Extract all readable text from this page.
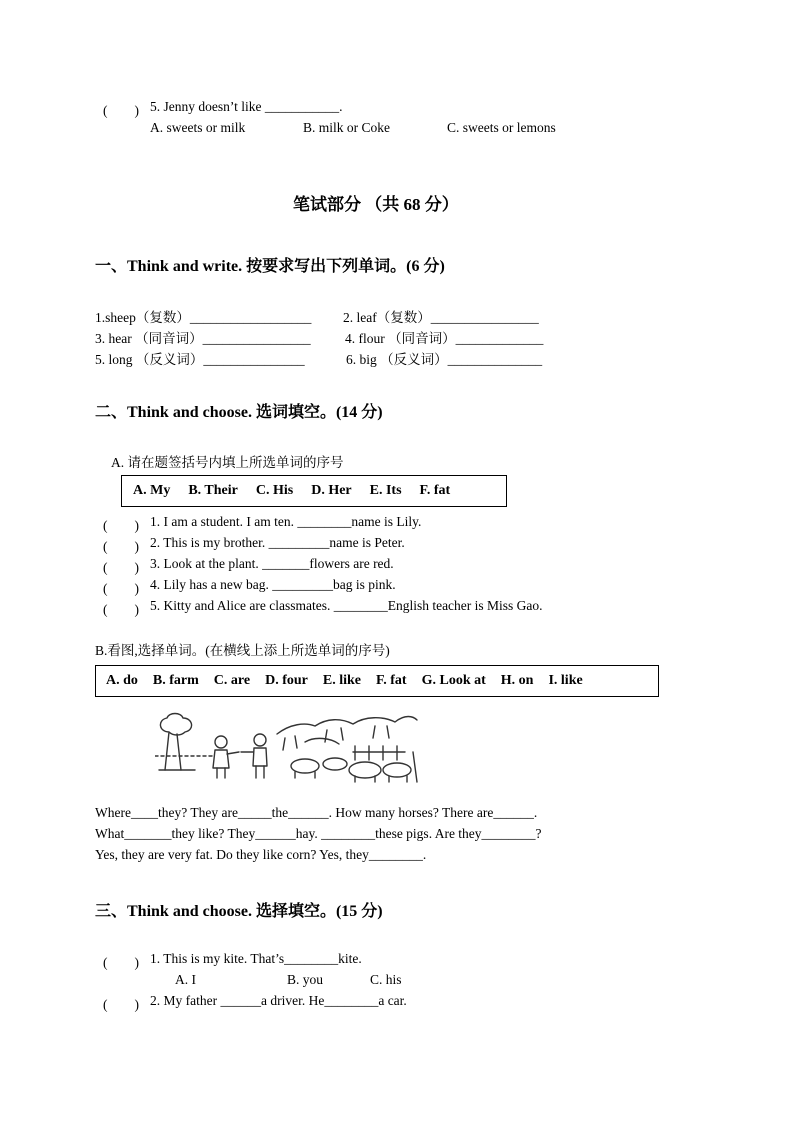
(　　) 5. Jenny doesn’t like ___________.
A. sweets or milk	B. milk or Coke	C. sweets or lemons
笔试部分 （共 68 分）
一、Think and write. 按要求写出下列单词。(6 分)
1.sheep（复数）__________________ 2. leaf（复数）________________
3. hear （同音词）________________	4. flour （同音词）_____________
5. long （反义词）_______________	6. big （反义词）______________
二、Think and choose. 选词填空。(14 分)
A. 请在题签括号内填上所选单词的序号
A. My B. Their C. His D. Her E. Its F. fat
(　　) 1. I am a student. I am ten. ________name is Lily.
(　　) 2. This is my brother. _________name is Peter.
(　　) 3. Look at the plant. _______flowers are red.
(　　) 4. Lily has a new bag. _________bag is pink.
(　　) 5. Kitty and Alice are classmates. ________English teacher is Miss Gao.
B.看图,选择单词。(在横线上添上所选单词的序号)
A. do B. farm C. are D. four E. like F. fat G. Look at H. on I. like
Where____they? They are_____the______. How many horses? There are______.
What_______they like? They______hay. ________these pigs. Are they________?
Yes, they are very fat. Do they like corn? Yes, they________.
三、Think and choose. 选择填空。(15 分)
(　　) 1. This is my kite. That’s________kite.
A. I	B. you	C. his
(　　) 2. My father ______a driver. He________a car.
